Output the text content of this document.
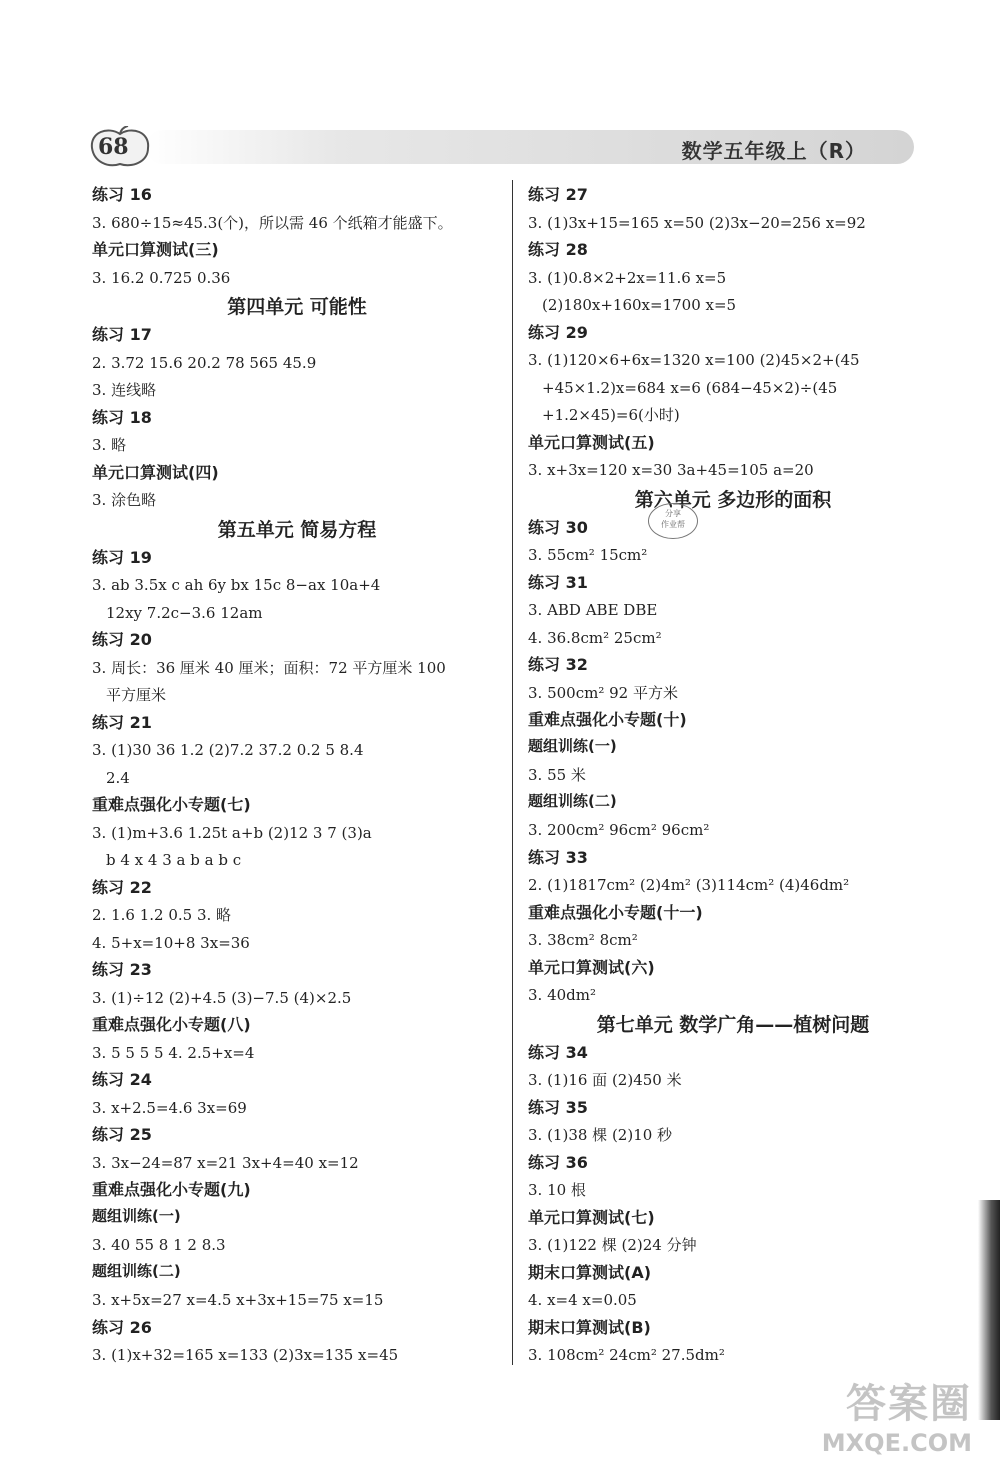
68	数学五年级上（R）
练习 16
3. 680÷15≈45.3(个)，所以需 46 个纸箱才能盛下。
单元口算测试(三)
3. 16.2 0.725 0.36
第四单元 可能性
练习 17
2. 3.72 15.6 20.2 78 565 45.9
3. 连线略
练习 18
3. 略
单元口算测试(四)
3. 涂色略
第五单元 简易方程
练习 19
3. ab 3.5x c ah 6y bx 15c 8−ax 10a+4
12xy 7.2c−3.6 12am
练习 20
3. 周长：36 厘米 40 厘米；面积：72 平方厘米 100
平方厘米
练习 21
3. (1)30 36 1.2 (2)7.2 37.2 0.2 5 8.4
2.4
重难点强化小专题(七)
3. (1)m+3.6 1.25t a+b (2)12 3 7 (3)a
b 4 x 4 3 a b a b c
练习 22
2. 1.6 1.2 0.5 3. 略
4. 5+x=10+8 3x=36
练习 23
3. (1)÷12 (2)+4.5 (3)−7.5 (4)×2.5
重难点强化小专题(八)
3. 5 5 5 5 4. 2.5+x=4
练习 24
3. x+2.5=4.6 3x=69
练习 25
3. 3x−24=87 x=21 3x+4=40 x=12
重难点强化小专题(九)
题组训练(一)
3. 40 55 8 1 2 8.3
题组训练(二)
3. x+5x=27 x=4.5 x+3x+15=75 x=15
练习 26
3. (1)x+32=165 x=133 (2)3x=135 x=45
练习 27
3. (1)3x+15=165 x=50 (2)3x−20=256 x=92
练习 28
3. (1)0.8×2+2x=11.6 x=5
(2)180x+160x=1700 x=5
练习 29
3. (1)120×6+6x=1320 x=100 (2)45×2+(45
+45×1.2)x=684 x=6 (684−45×2)÷(45
+1.2×45)=6(小时)
单元口算测试(五)
3. x+3x=120 x=30 3a+45=105 a=20
第六单元 多边形的面积
练习 30
3. 55cm² 15cm²
练习 31
3. ABD ABE DBE
4. 36.8cm² 25cm²
练习 32
3. 500cm² 92 平方米
重难点强化小专题(十)
题组训练(一)
3. 55 米
题组训练(二)
3. 200cm² 96cm² 96cm²
练习 33
2. (1)1817cm² (2)4m² (3)114cm² (4)46dm²
重难点强化小专题(十一)
3. 38cm² 8cm²
单元口算测试(六)
3. 40dm²
第七单元 数学广角——植树问题
练习 34
3. (1)16 面 (2)450 米
练习 35
3. (1)38 棵 (2)10 秒
练习 36
3. 10 根
单元口算测试(七)
3. (1)122 棵 (2)24 分钟
期末口算测试(A)
4. x=4 x=0.05
期末口算测试(B)
3. 108cm² 24cm² 27.5dm²
分享
作业帮
答案圈
MXQE.COM
